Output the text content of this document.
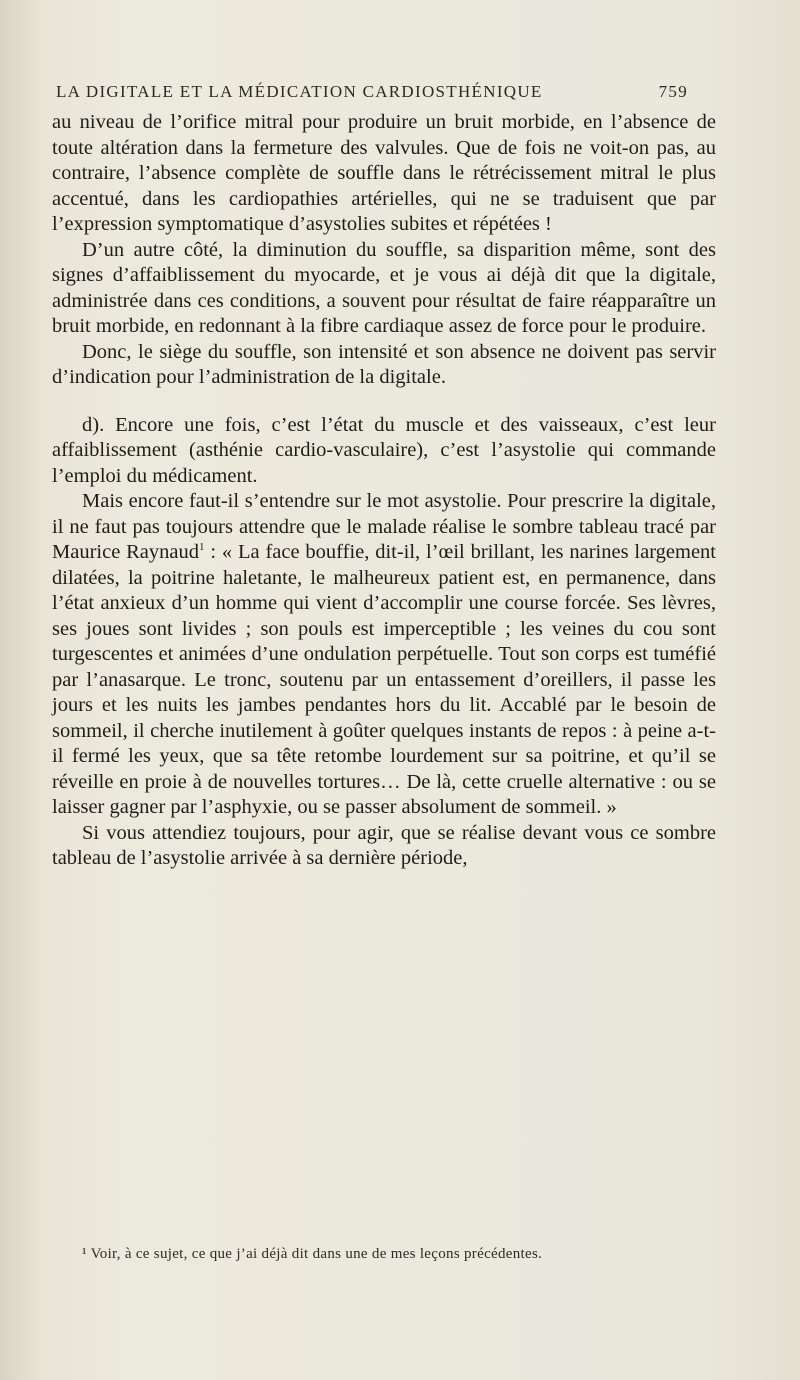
LA DIGITALE ET LA MÉDICATION CARDIOSTHÉNIQUE	759

au niveau de l’orifice mitral pour produire un bruit morbide, en l’absence de toute altération dans la fermeture des valvules. Que de fois ne voit-on pas, au contraire, l’absence complète de souffle dans le rétrécissement mitral le plus accentué, dans les cardiopathies artérielles, qui ne se traduisent que par l’expression symptomatique d’asystolies subites et répétées !

D’un autre côté, la diminution du souffle, sa disparition même, sont des signes d’affaiblissement du myocarde, et je vous ai déjà dit que la digitale, administrée dans ces conditions, a souvent pour résultat de faire réapparaître un bruit morbide, en redonnant à la fibre cardiaque assez de force pour le produire.

Donc, le siège du souffle, son intensité et son absence ne doivent pas servir d’indication pour l’administration de la digitale.

d). Encore une fois, c’est l’état du muscle et des vaisseaux, c’est leur affaiblissement (asthénie cardio-vasculaire), c’est l’asystolie qui commande l’emploi du médicament.

Mais encore faut-il s’entendre sur le mot asystolie. Pour prescrire la digitale, il ne faut pas toujours attendre que le malade réalise le sombre tableau tracé par Maurice Raynaud$^1$ : « La face bouffie, dit-il, l’œil brillant, les narines largement dilatées, la poitrine haletante, le malheureux patient est, en permanence, dans l’état anxieux d’un homme qui vient d’accomplir une course forcée. Ses lèvres, ses joues sont livides ; son pouls est imperceptible ; les veines du cou sont turgescentes et animées d’une ondulation perpétuelle. Tout son corps est tuméfié par l’anasarque. Le tronc, soutenu par un entassement d’oreillers, il passe les jours et les nuits les jambes pendantes hors du lit. Accablé par le besoin de sommeil, il cherche inutilement à goûter quelques instants de repos : à peine a-t-il fermé les yeux, que sa tête retombe lourdement sur sa poitrine, et qu’il se réveille en proie à de nouvelles tortures… De là, cette cruelle alternative : ou se laisser gagner par l’asphyxie, ou se passer absolument de sommeil. »

Si vous attendiez toujours, pour agir, que se réalise devant vous ce sombre tableau de l’asystolie arrivée à sa dernière période,

¹ Voir, à ce sujet, ce que j’ai déjà dit dans une de mes leçons précédentes.
